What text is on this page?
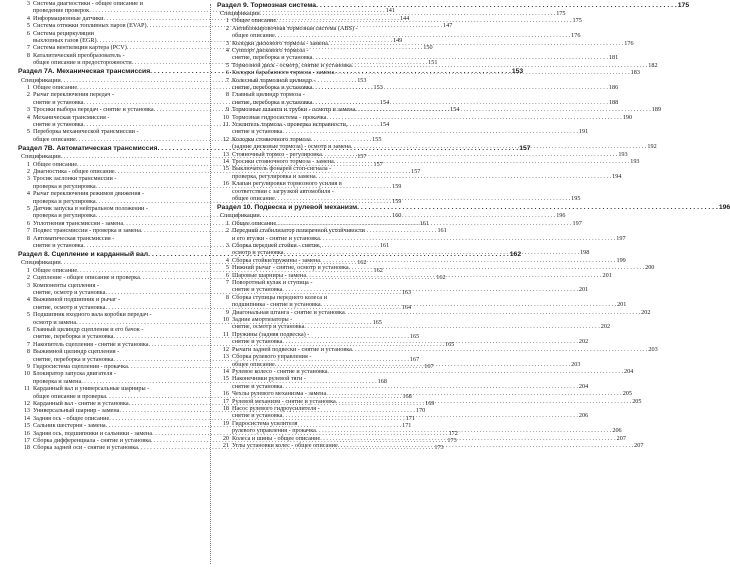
3 Система диагностики - общее описание и
проведение проверок . . .	141
4 Информационные датчики . . .	144
5 Система отгяжки топливных паров (EVAP) . . .	147
6 Система рециркуляции
выхлопных газов (EGR) . . .	149
7 Система вентиляции картера (PCV) . . .	150
8 Каталитический преобразователь -
общее описание и предосторожности . . .	151
Раздел 7A. Механическая трансмиссия . . .	153
Спецификации . . .	153
1 Общее описание . . .	153
2 Рычаг переключения передач -
снятие и установка . . .	154
3 Тросики выбора передач - снятие и установка . . .	154
4 Механическая трансмиссия -
снятие и установка . . .	154
5 Переборка механической трансмиссии -
общее описание . . .	155
Раздел 7B. Автоматическая трансмиссия . . .	157
Спецификации . . .	157
1 Общее описание . . .	157
2 Диагностика - общее описание . . .	157
3 Тросик заслонки трансмиссии -
проверка и регулировка . . .	159
4 Рычаг переключения режимов движения -
проверка и регулировка . . .	159
5 Датчик запуска в нейтральном положении -
проверка и регулировка . . .	160
6 Уплотнения трансмиссии - замена . . .	161
7 Подвес трансмиссии - проверка и замена . . .	161
8 Автоматическая трансмиссия -
снятие и установка . . .	161
Раздел 8. Сцепление и карданный вал . . .	162
Спецификации . . .	162
1 Общее описание . . .	162
2 Сцепление - общее описание и проверка . . .	162
3 Компоненты сцепления -
снятие, осмотр и установка . . .	163
4 Выжимной подшипник и рычаг -
снятие, осмотр и установка . . .	164
5 Подшипник входного вала коробки передач -
осмотр и замена . . .	165
6 Главный цилиндр сцепления и его бачок -
снятие, переборка и установка . . .	165
7 Накопитель сцепления - снятие и установка . . .	165
8 Выжимной цилиндр сцепления -
снятие, переборка и установка . . .	167
9 Гидросистема сцепления - прокачка . . .	167
10 Блокиратор запуска двигателя -
проверка и замена . . .	168
11 Карданный вал и универсальные шарниры -
общее описание и проверка . . .	168
12 Карданный вал - снятие и установка . . .	169
13 Универсальный шарнир - замена . . .	170
14 Задняя ось - общее описание . . .	171
15 Сальник шестерни - замена . . .	171
16 Задняя ось, подшипники и сальники - замена . . .	172
17 Сборка дифференциала - снятие и установка . . .	173
18 Сборка задней оси - снятие и установка . . .	173
Раздел 9. Тормозная система . . .	175
Спецификации . . .	175
1 Общее описание . . .	175
2 Антиблокировочная тормозная система (ABS) -
общее описание . . .	176
3 Колодки дискового тормоза - замена . . .	176
4 Суппорт дискового тормоза -
снятие, переборка и установка . . .	181
5 Тормозной диск - осмотр, снятие и установка . . .	182
6 Колодки барабанного тормоза - замена . . .	183
7 Колесный тормозной цилиндр -
снятие, переборка и установка . . .	186
8 Главный цилиндр тормоза -
снятие, переборка и установка . . .	188
9 Тормозные шланги и трубки - осмотр и замена . . .	189
10 Тормозная гидросистема - прокачка . . .	190
11 Усилитель тормоза - проверка исправности,
снятие и установка . . .	191
12 Колодки стояночного тормоза
(задние дисковые тормоза) - осмотр и замена . . .	192
13 Стояночный тормоз - регулировка . . .	193
14 Тросики стояночного тормоза - замена . . .	193
15 Выключатель фонарей стоп-сигнала -
проверка, регулировка и замена . . .	194
16 Клапан регулировки тормозного усилия в
соответствии с загрузкой автомобиля -
общее описание . . .	195
Раздел 10. Подвеска и рулевой механизм . . .	196
Спецификации . . .	196
1 Общее описание . . .	197
2 Передний стабилизатор поперечной устойчивости
и его втулки - снятие и установка . . .	197
3 Сборка передней стойки - снятие,
осмотр и установка . . .	198
4 Сборка стойки/пружины - замена . . .	199
5 Нижний рычаг - снятие, осмотр и установка . . .	200
6 Шаровые шарниры - замена . . .	201
7 Поворотный кулак и ступица -
снятие и установка . . .	201
8 Сборка ступицы переднего колеса и
подшипника - снятие и установка . . .	201
9 Диагональная штанга - снятие и установка . . .	202
10 Задние амортизаторы -
снятие, осмотр и установка . . .	202
11 Пружины (задняя подвеска) -
снятие и установка . . .	202
12 Рычаги задней подвески - снятие и установка . . .	203
13 Сборка рулевого управления -
общее описание . . .	203
14 Рулевое колесо - снятие и установка . . .	204
15 Наконечники рулевой тяги -
снятие и установка . . .	204
16 Чехлы рулевого механизма - замена . . .	205
17 Рулевой механизм - снятие и установка . . .	205
18 Насос рулевого гидроусилителя -
снятие и установка . . .	206
19 Гидросистема усилителя
рулевого управления - прокачка . . .	206
20 Колеса и шины - общее описание . . .	207
21 Углы установки колес - общее описание . . .	207
